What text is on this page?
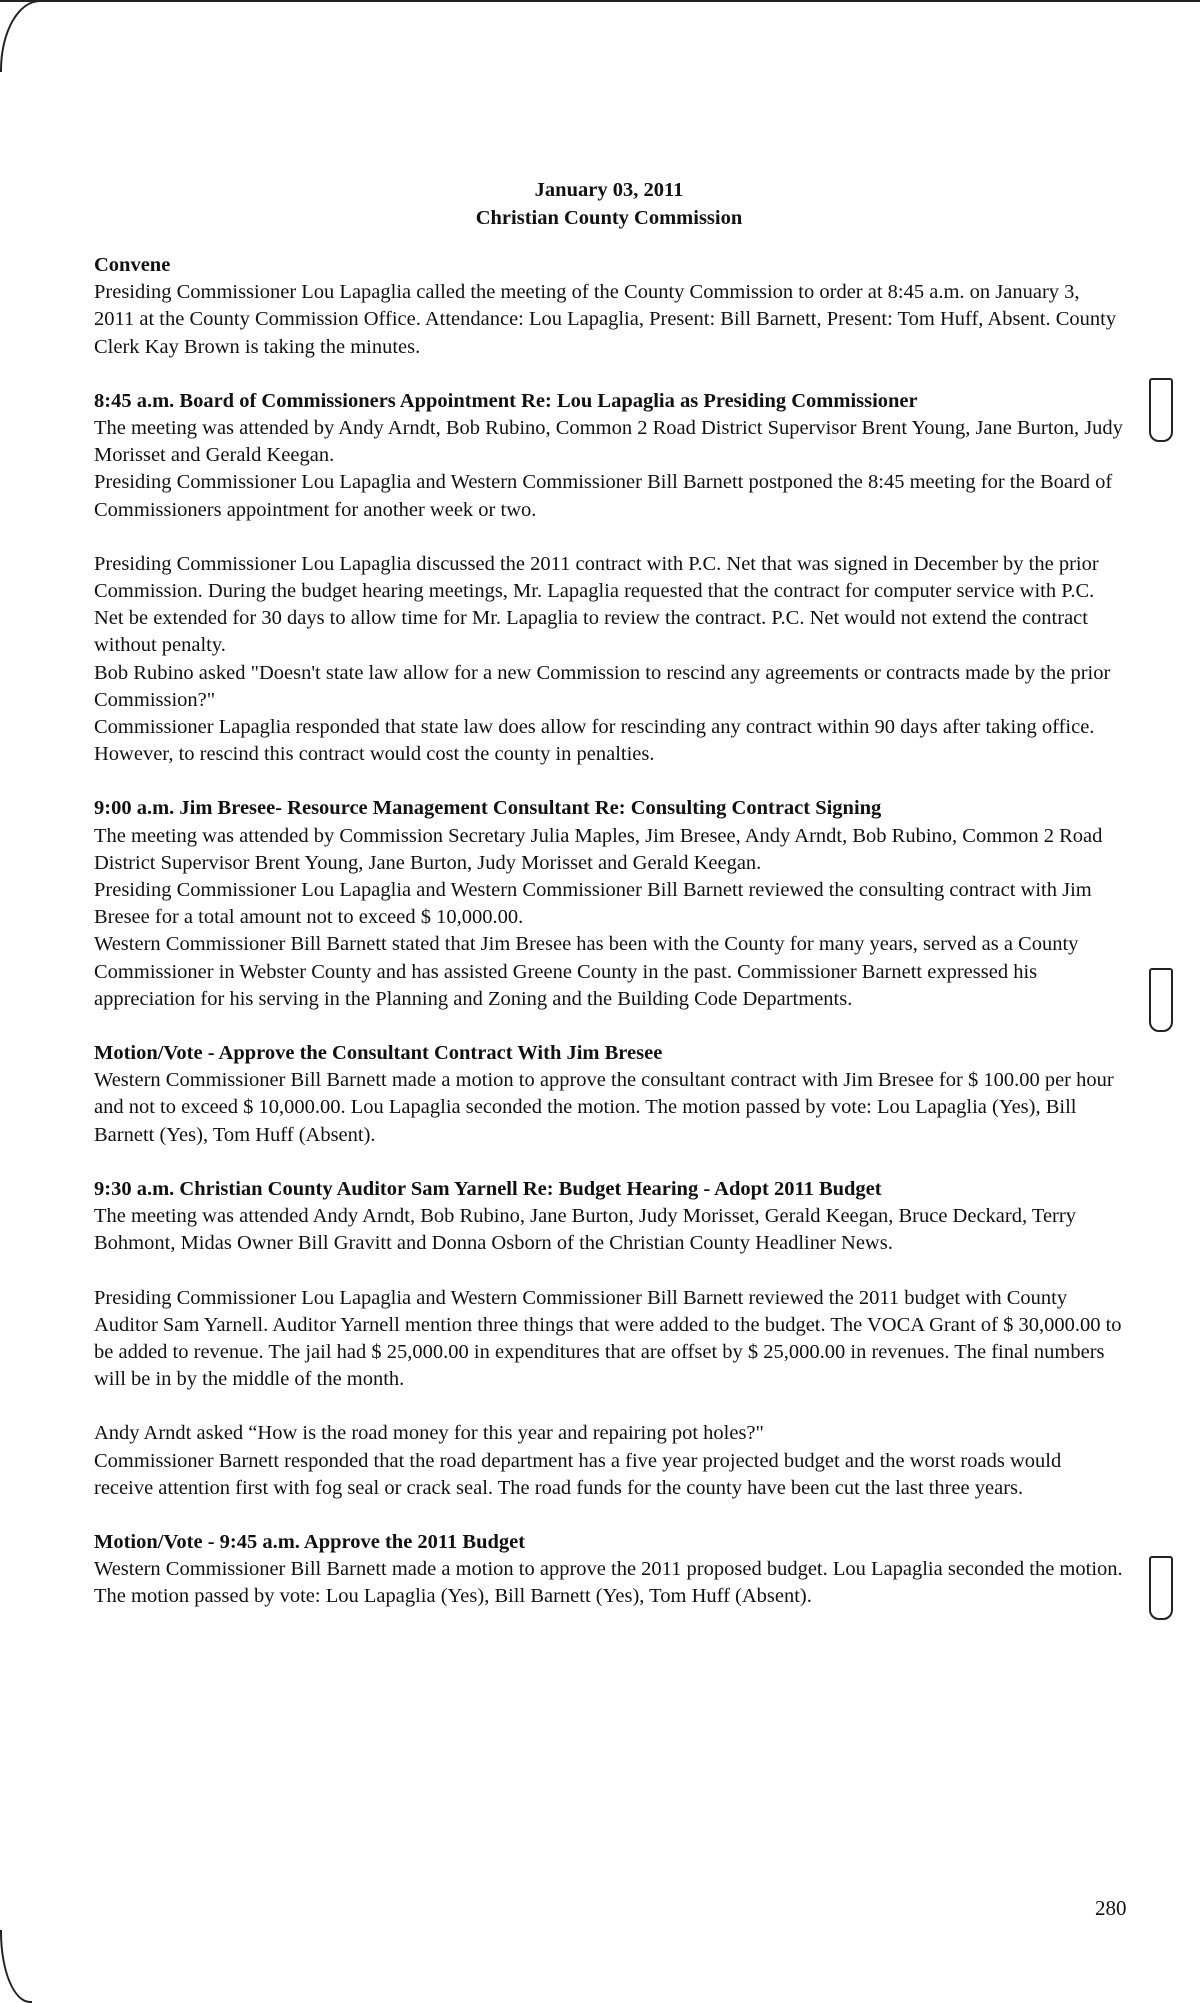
January 03, 2011
Christian County Commission

Convene

Presiding Commissioner Lou Lapaglia called the meeting of the County Commission to order at 8:45 a.m. on January 3, 2011 at the County Commission Office. Attendance: Lou Lapaglia, Present: Bill Barnett, Present: Tom Huff, Absent. County Clerk Kay Brown is taking the minutes.

8:45 a.m. Board of Commissioners Appointment Re: Lou Lapaglia as Presiding Commissioner

The meeting was attended by Andy Arndt, Bob Rubino, Common 2 Road District Supervisor Brent Young, Jane Burton, Judy Morisset and Gerald Keegan.

Presiding Commissioner Lou Lapaglia and Western Commissioner Bill Barnett postponed the 8:45 meeting for the Board of Commissioners appointment for another week or two.

Presiding Commissioner Lou Lapaglia discussed the 2011 contract with P.C. Net that was signed in December by the prior Commission. During the budget hearing meetings, Mr. Lapaglia requested that the contract for computer service with P.C. Net be extended for 30 days to allow time for Mr. Lapaglia to review the contract. P.C. Net would not extend the contract without penalty.

Bob Rubino asked "Doesn't state law allow for a new Commission to rescind any agreements or contracts made by the prior Commission?"

Commissioner Lapaglia responded that state law does allow for rescinding any contract within 90 days after taking office. However, to rescind this contract would cost the county in penalties.

9:00 a.m. Jim Bresee- Resource Management Consultant Re: Consulting Contract Signing

The meeting was attended by Commission Secretary Julia Maples, Jim Bresee, Andy Arndt, Bob Rubino, Common 2 Road District Supervisor Brent Young, Jane Burton, Judy Morisset and Gerald Keegan.

Presiding Commissioner Lou Lapaglia and Western Commissioner Bill Barnett reviewed the consulting contract with Jim Bresee for a total amount not to exceed $ 10,000.00.

Western Commissioner Bill Barnett stated that Jim Bresee has been with the County for many years, served as a County Commissioner in Webster County and has assisted Greene County in the past. Commissioner Barnett expressed his appreciation for his serving in the Planning and Zoning and the Building Code Departments.

Motion/Vote - Approve the Consultant Contract With Jim Bresee

Western Commissioner Bill Barnett made a motion to approve the consultant contract with Jim Bresee for $ 100.00 per hour and not to exceed $ 10,000.00. Lou Lapaglia seconded the motion. The motion passed by vote: Lou Lapaglia (Yes), Bill Barnett (Yes), Tom Huff (Absent).

9:30 a.m. Christian County Auditor Sam Yarnell Re: Budget Hearing - Adopt 2011 Budget

The meeting was attended Andy Arndt, Bob Rubino, Jane Burton, Judy Morisset, Gerald Keegan, Bruce Deckard, Terry Bohmont, Midas Owner Bill Gravitt and Donna Osborn of the Christian County Headliner News.

Presiding Commissioner Lou Lapaglia and Western Commissioner Bill Barnett reviewed the 2011 budget with County Auditor Sam Yarnell. Auditor Yarnell mention three things that were added to the budget. The VOCA Grant of $ 30,000.00 to be added to revenue. The jail had $ 25,000.00 in expenditures that are offset by $ 25,000.00 in revenues. The final numbers will be in by the middle of the month.

Andy Arndt asked “How is the road money for this year and repairing pot holes?"

Commissioner Barnett responded that the road department has a five year projected budget and the worst roads would receive attention first with fog seal or crack seal. The road funds for the county have been cut the last three years.

Motion/Vote - 9:45 a.m. Approve the 2011 Budget

Western Commissioner Bill Barnett made a motion to approve the 2011 proposed budget. Lou Lapaglia seconded the motion. The motion passed by vote: Lou Lapaglia (Yes), Bill Barnett (Yes), Tom Huff (Absent).

280
